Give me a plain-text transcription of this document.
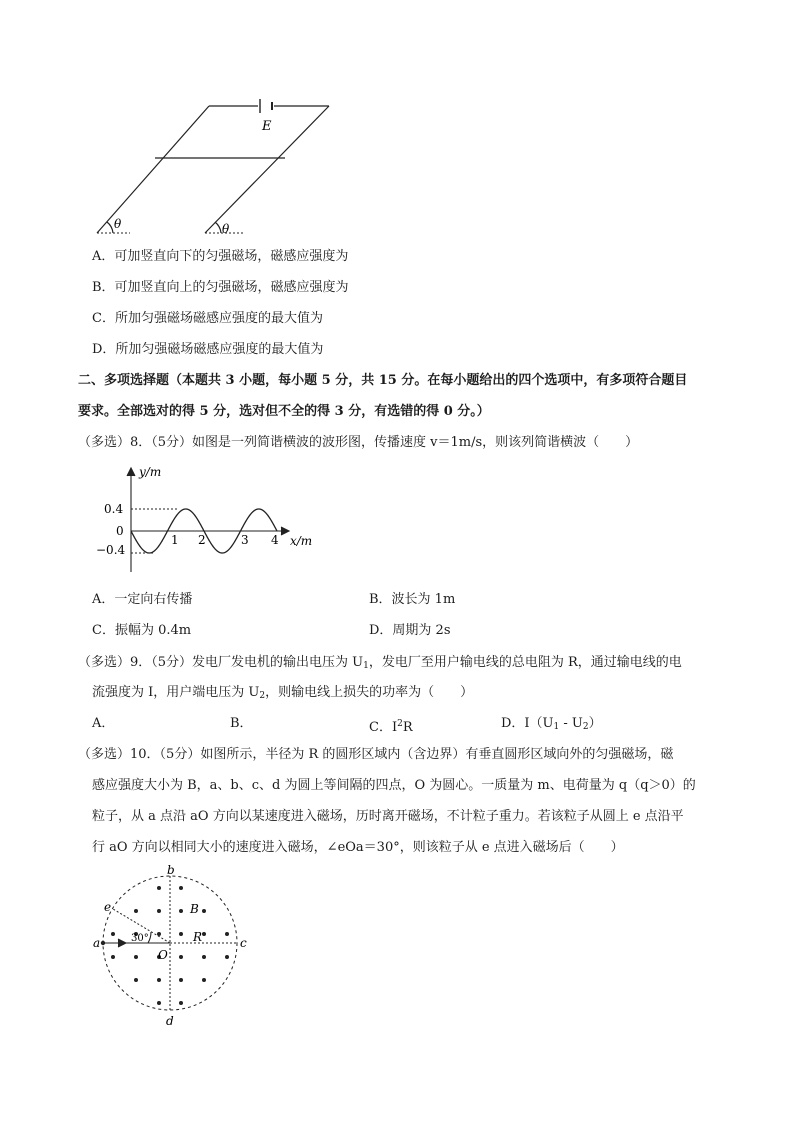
E
θ	θ
A．可加竖直向下的匀强磁场，磁感应强度为
B．可加竖直向上的匀强磁场，磁感应强度为
C．所加匀强磁场磁感应强度的最大值为
D．所加匀强磁场磁感应强度的最大值为
二、多项选择题（本题共 3 小题，每小题 5 分，共 15 分。在每小题给出的四个选项中，有多项符合题目
要求。全部选对的得 5 分，选对但不全的得 3 分，有选错的得 0 分。）
（多选）8．（5分）如图是一列简谐横波的波形图，传播速度 v＝1m/s，则该列简谐横波（　　）
y/m
x/m
0.4
0
−0.4
1 2	3 4
A．一定向右传播	B．波长为 1m
C．振幅为 0.4m	D．周期为 2s
（多选）9．（5分）发电厂发电机的输出电压为 $U_1$，发电厂至用户输电线的总电阻为 R，通过输电线的电
流强度为 I，用户端电压为 $U_2$，则输电线上损失的功率为（　　）
A．	B．	C．$I^2R$	D．$I(U_1 - U_2)$
（多选）10．（5分）如图所示，半径为 R 的圆形区域内（含边界）有垂直圆形区域向外的匀强磁场，磁
感应强度大小为 B，a、b、c、d 为圆上等间隔的四点，O 为圆心。一质量为 m、电荷量为 q（q＞0）的
粒子，从 a 点沿 aO 方向以某速度进入磁场，历时离开磁场，不计粒子重力。若该粒子从圆上 e 点沿平
行 aO 方向以相同大小的速度进入磁场，∠eOa＝30°，则该粒子从 e 点进入磁场后（　　）
a
b
c
d
e
O
B
R
30°
